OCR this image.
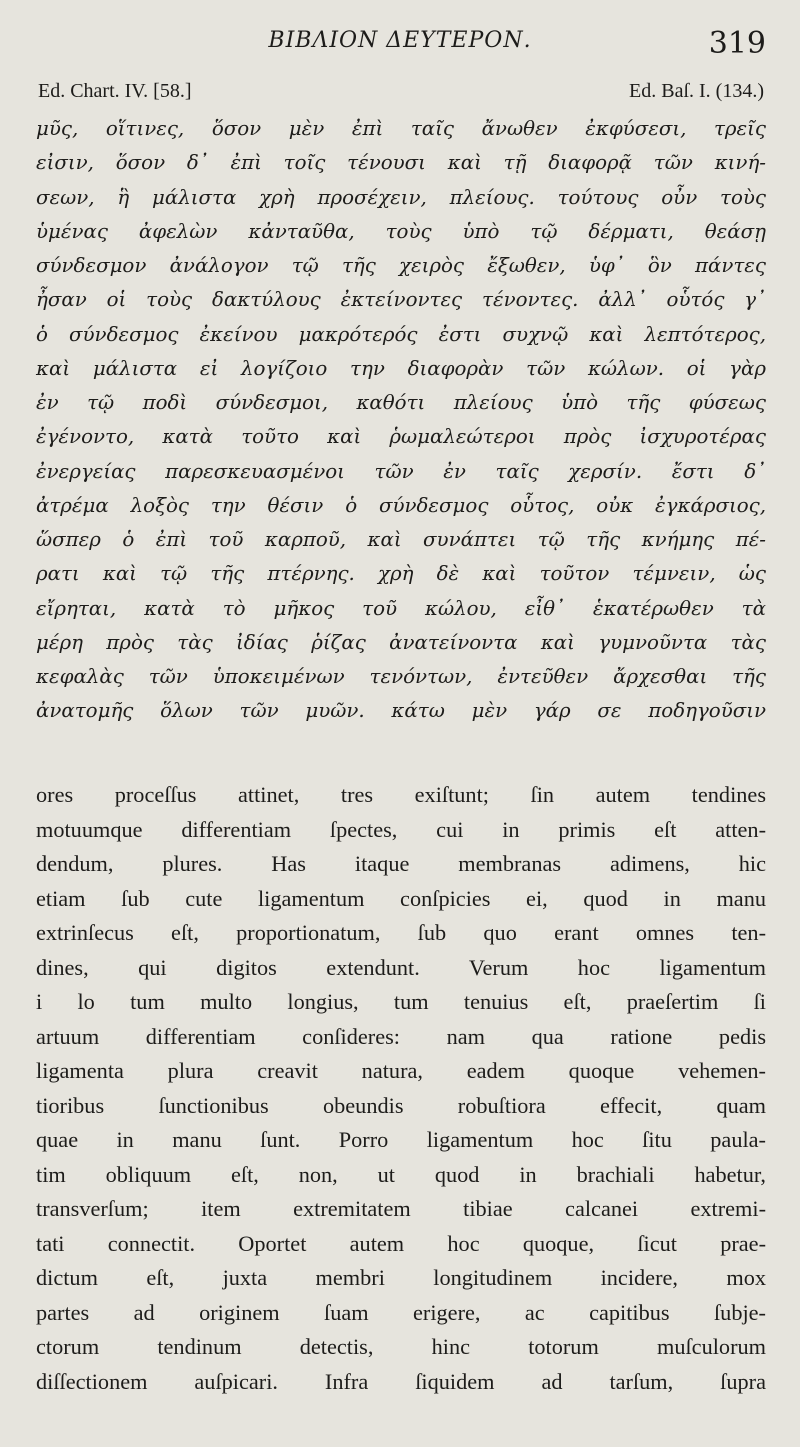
ΒΙΒΛΙΟΝ ΔΕΥΤΕΡΟΝ.	319
Ed. Chart. IV. [58.]	Ed. Baſ. I. (134.)
μῦς, οἵτινες, ὅσον μὲν ἐπὶ ταῖς ἄνωθεν ἐκφύσεσι, τρεῖς
εἰσιν, ὅσον δ᾽ ἐπὶ τοῖς τένουσι καὶ τῇ διαφορᾷ τῶν κινή-
σεων, ἣ μάλιστα χρὴ προσέχειν, πλείους. τούτους οὖν τοὺς
ὑμένας ἀφελὼν κἀνταῦθα, τοὺς ὑπὸ τῷ δέρματι, θεάσῃ
σύνδεσμον ἀνάλογον τῷ τῆς χειρὸς ἔξωθεν, ὑφ᾽ ὃν πάντες
ἦσαν οἱ τοὺς δακτύλους ἐκτείνοντες τένοντες. ἀλλ᾽ οὗτός γ᾽
ὁ σύνδεσμος ἐκείνου μακρότερός ἐστι συχνῷ καὶ λεπτότερος,
καὶ μάλιστα εἰ λογίζοιο την διαφορὰν τῶν κώλων. οἱ γὰρ
ἐν τῷ ποδὶ σύνδεσμοι, καθότι πλείους ὑπὸ τῆς φύσεως
ἐγένοντο, κατὰ τοῦτο καὶ ῥωμαλεώτεροι πρὸς ἰσχυροτέρας
ἐνεργείας παρεσκευασμένοι τῶν ἐν ταῖς χερσίν. ἔστι δ᾽
ἀτρέμα λοξὸς την θέσιν ὁ σύνδεσμος οὗτος, οὐκ ἐγκάρσιος,
ὥσπερ ὁ ἐπὶ τοῦ καρποῦ, καὶ συνάπτει τῷ τῆς κνήμης πέ-
ρατι καὶ τῷ τῆς πτέρνης. χρὴ δὲ καὶ τοῦτον τέμνειν, ὡς
εἴρηται, κατὰ τὸ μῆκος τοῦ κώλου, εἶθ᾽ ἑκατέρωθεν τὰ
μέρη πρὸς τὰς ἰδίας ῥίζας ἀνατείνοντα καὶ γυμνοῦντα τὰς
κεφαλὰς τῶν ὑποκειμένων τενόντων, ἐντεῦθεν ἄρχεσθαι τῆς
ἀνατομῆς ὅλων τῶν μυῶν. κάτω μὲν γάρ σε ποδηγοῦσιν
ores proceſſus attinet, tres exiſtunt; ſin autem tendines
motuumque differentiam ſpectes, cui in primis eſt atten-
dendum, plures. Has itaque membranas adimens, hic
etiam ſub cute ligamentum conſpicies ei, quod in manu
extrinſecus eſt, proportionatum, ſub quo erant omnes ten-
dines, qui digitos extendunt. Verum hoc ligamentum
i lo tum multo longius, tum tenuius eſt, praeſertim ſi
artuum differentiam conſideres: nam qua ratione pedis
ligamenta plura creavit natura, eadem quoque vehemen-
tioribus ſunctionibus obeundis robuſtiora effecit, quam
quae in manu ſunt. Porro ligamentum hoc ſitu paula-
tim obliquum eſt, non, ut quod in brachiali habetur,
transverſum; item extremitatem tibiae calcanei extremi-
tati connectit. Oportet autem hoc quoque, ſicut prae-
dictum eſt, juxta membri longitudinem incidere, mox
partes ad originem ſuam erigere, ac capitibus ſubje-
ctorum tendinum detectis, hinc totorum muſculorum
diſſectionem auſpicari. Infra ſiquidem ad tarſum, ſupra
